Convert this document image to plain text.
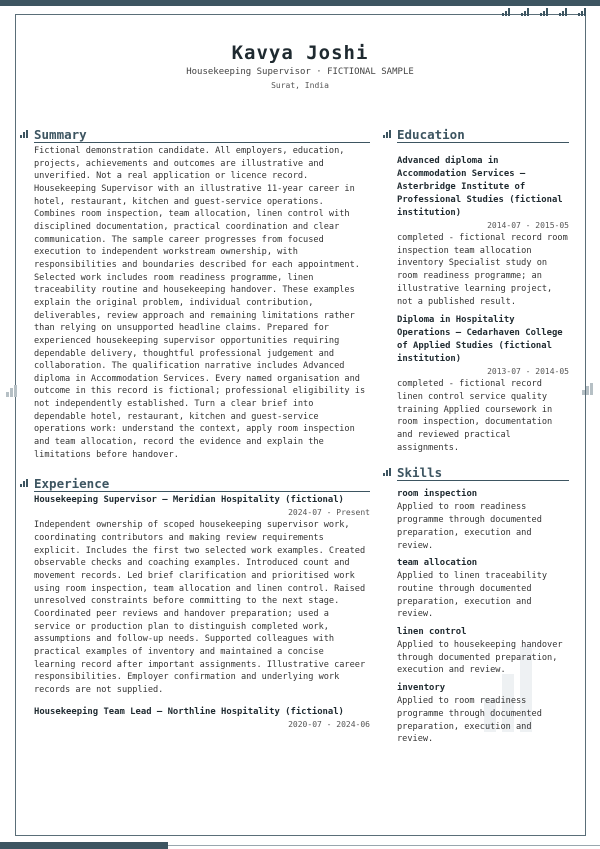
Kavya Joshi
Housekeeping Supervisor · FICTIONAL SAMPLE
Surat, India
Summary
Fictional demonstration candidate. All employers, education, projects, achievements and outcomes are illustrative and unverified. Not a real application or licence record. Housekeeping Supervisor with an illustrative 11-year career in hotel, restaurant, kitchen and guest-service operations. Combines room inspection, team allocation, linen control with disciplined documentation, practical coordination and clear communication. The sample career progresses from focused execution to independent workstream ownership, with responsibilities and boundaries described for each appointment. Selected work includes room readiness programme, linen traceability routine and housekeeping handover. These examples explain the original problem, individual contribution, deliverables, review approach and remaining limitations rather than relying on unsupported headline claims. Prepared for experienced housekeeping supervisor opportunities requiring dependable delivery, thoughtful professional judgement and collaboration. The qualification narrative includes Advanced diploma in Accommodation Services. Every named organisation and outcome in this record is fictional; professional eligibility is not independently established. Turn a clear brief into dependable hotel, restaurant, kitchen and guest-service operations work: understand the context, apply room inspection and team allocation, record the evidence and explain the limitations before handover.
Experience
Housekeeping Supervisor — Meridian Hospitality (fictional)
2024-07 - Present
Independent ownership of scoped housekeeping supervisor work, coordinating contributors and making review requirements explicit. Includes the first two selected work examples. Created observable checks and coaching examples. Introduced count and movement records. Led brief clarification and prioritised work using room inspection, team allocation and linen control. Raised unresolved constraints before committing to the next stage. Coordinated peer reviews and handover preparation; used a service or production plan to distinguish completed work, assumptions and follow-up needs. Supported colleagues with practical examples of inventory and maintained a concise learning record after important assignments. Illustrative career responsibilities. Employer confirmation and underlying work records are not supplied.
Housekeeping Team Lead — Northline Hospitality (fictional)
2020-07 - 2024-06
Education
Advanced diploma in Accommodation Services — Asterbridge Institute of Professional Studies (fictional institution)
2014-07 - 2015-05
completed - fictional record room inspection team allocation inventory Specialist study on room readiness programme; an illustrative learning project, not a published result.
Diploma in Hospitality Operations — Cedarhaven College of Applied Studies (fictional institution)
2013-07 - 2014-05
completed - fictional record linen control service quality training Applied coursework in room inspection, documentation and reviewed practical assignments.
Skills
room inspection
Applied to room readiness programme through documented preparation, execution and review.
team allocation
Applied to linen traceability routine through documented preparation, execution and review.
linen control
Applied to housekeeping handover through documented preparation, execution and review.
inventory
Applied to room readiness programme through documented preparation, execution and review.
